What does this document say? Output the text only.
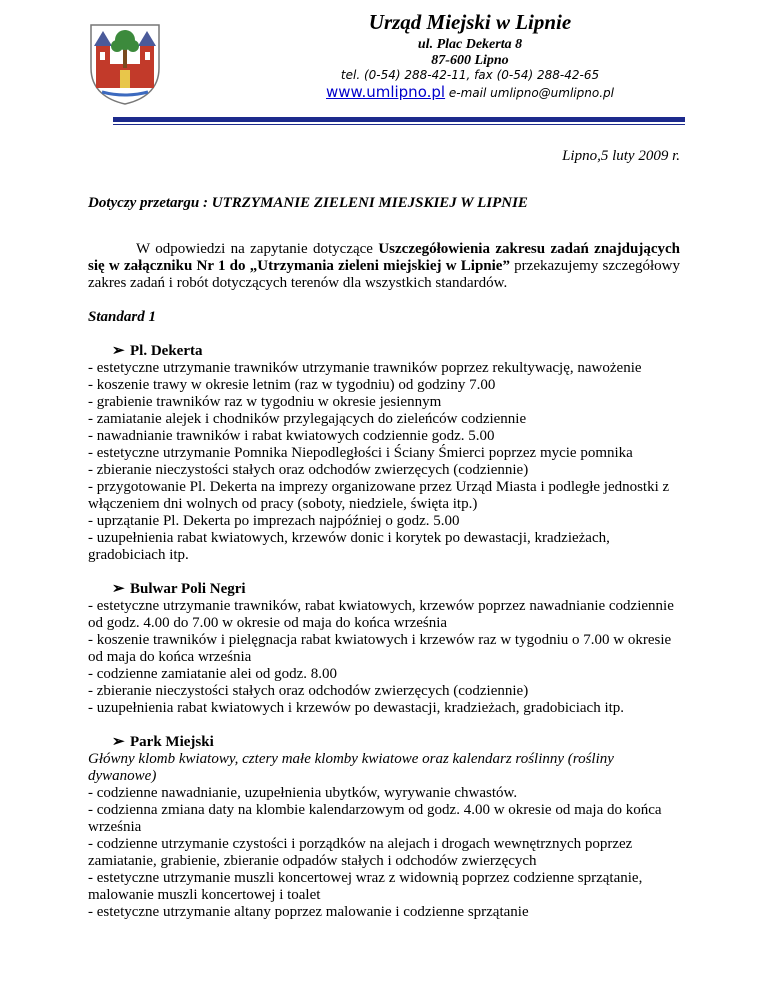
Urząd Miejski w Lipnie
ul. Plac Dekerta 8
87-600 Lipno
tel. (0-54) 288-42-11, fax (0-54) 288-42-65
www.umlipno.pl e-mail umlipno@umlipno.pl

Lipno,5 luty 2009 r.

Dotyczy przetargu : UTRZYMANIE ZIELENI MIEJSKIEJ W LIPNIE

W odpowiedzi na zapytanie dotyczące Uszczegółowienia zakresu zadań znajdujących się w załączniku Nr 1 do „Utrzymania zieleni miejskiej w Lipnie” przekazujemy szczegółowy zakres zadań i robót dotyczących terenów dla wszystkich standardów.

Standard 1

➢ Pl. Dekerta

- estetyczne utrzymanie trawników utrzymanie trawników poprzez rekultywację, nawożenie

- koszenie trawy w okresie letnim (raz w tygodniu) od godziny 7.00

- grabienie trawników raz w tygodniu w okresie jesiennym

- zamiatanie alejek i chodników przylegających do zieleńców codziennie

- nawadnianie trawników i rabat kwiatowych codziennie godz. 5.00

- estetyczne utrzymanie Pomnika Niepodległości i Ściany Śmierci poprzez mycie pomnika

- zbieranie nieczystości stałych oraz odchodów zwierzęcych (codziennie)

- przygotowanie Pl. Dekerta na imprezy organizowane przez Urząd Miasta i podległe jednostki z włączeniem dni wolnych od pracy (soboty, niedziele, święta itp.)

- uprzątanie Pl. Dekerta po imprezach najpóźniej o godz. 5.00

- uzupełnienia rabat kwiatowych, krzewów donic i korytek po dewastacji, kradzieżach, gradobiciach itp.

➢ Bulwar Poli Negri

- estetyczne utrzymanie trawników, rabat kwiatowych, krzewów poprzez nawadnianie codziennie od godz. 4.00 do 7.00 w okresie od maja do końca września

- koszenie trawników i pielęgnacja rabat kwiatowych i krzewów raz w tygodniu o 7.00 w okresie od maja do końca września

- codzienne zamiatanie alei od godz. 8.00

- zbieranie nieczystości stałych oraz odchodów zwierzęcych (codziennie)

- uzupełnienia rabat kwiatowych i krzewów po dewastacji, kradzieżach, gradobiciach itp.

➢ Park Miejski

Główny klomb kwiatowy, cztery małe klomby kwiatowe oraz kalendarz roślinny (rośliny dywanowe)

- codzienne nawadnianie, uzupełnienia ubytków, wyrywanie chwastów.

- codzienna zmiana daty na klombie kalendarzowym od godz. 4.00 w okresie od maja do końca września

- codzienne utrzymanie czystości i porządków na alejach i drogach wewnętrznych poprzez zamiatanie, grabienie, zbieranie odpadów stałych i odchodów zwierzęcych

- estetyczne utrzymanie muszli koncertowej wraz z widownią poprzez codzienne sprzątanie, malowanie muszli koncertowej i toalet

- estetyczne utrzymanie altany poprzez malowanie i codzienne sprzątanie
